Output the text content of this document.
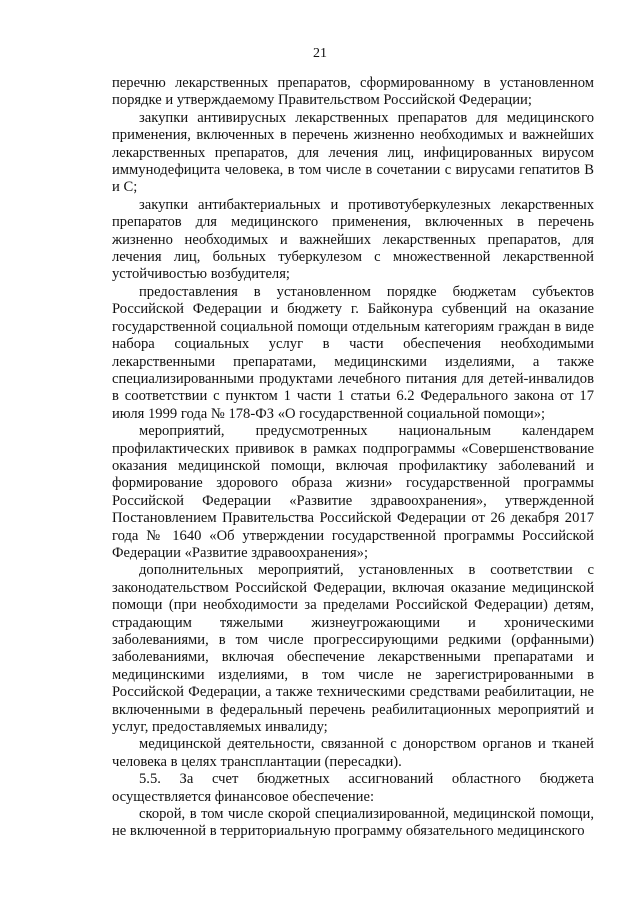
21

перечню лекарственных препаратов, сформированному в установленном порядке и утверждаемому Правительством Российской Федерации;

закупки антивирусных лекарственных препаратов для медицинского применения, включенных в перечень жизненно необходимых и важнейших лекарственных препаратов, для лечения лиц, инфицированных вирусом иммунодефицита человека, в том числе в сочетании с вирусами гепатитов В и С;

закупки антибактериальных и противотуберкулезных лекарственных препаратов для медицинского применения, включенных в перечень жизненно необходимых и важнейших лекарственных препаратов, для лечения лиц, больных туберкулезом с множественной лекарственной устойчивостью возбудителя;

предоставления в установленном порядке бюджетам субъектов Российской Федерации и бюджету г. Байконура субвенций на оказание государственной социальной помощи отдельным категориям граждан в виде набора социальных услуг в части обеспечения необходимыми лекарственными препаратами, медицинскими изделиями, а также специализированными продуктами лечебного питания для детей-инвалидов в соответствии с пунктом 1 части 1 статьи 6.2 Федерального закона от 17 июля 1999 года № 178-ФЗ «О государственной социальной помощи»;

мероприятий, предусмотренных национальным календарем профилактических прививок в рамках подпрограммы «Совершенствование оказания медицинской помощи, включая профилактику заболеваний и формирование здорового образа жизни» государственной программы Российской Федерации «Развитие здравоохранения», утвержденной Постановлением Правительства Российской Федерации от 26 декабря 2017 года № 1640 «Об утверждении государственной программы Российской Федерации «Развитие здравоохранения»;

дополнительных мероприятий, установленных в соответствии с законодательством Российской Федерации, включая оказание медицинской помощи (при необходимости за пределами Российской Федерации) детям, страдающим тяжелыми жизнеугрожающими и хроническими заболеваниями, в том числе прогрессирующими редкими (орфанными) заболеваниями, включая обеспечение лекарственными препаратами и медицинскими изделиями, в том числе не зарегистрированными в Российской Федерации, а также техническими средствами реабилитации, не включенными в федеральный перечень реабилитационных мероприятий и услуг, предоставляемых инвалиду;

медицинской деятельности, связанной с донорством органов и тканей человека в целях трансплантации (пересадки).

5.5. За счет бюджетных ассигнований областного бюджета осуществляется финансовое обеспечение:

скорой, в том числе скорой специализированной, медицинской помощи, не включенной в территориальную программу обязательного медицинского
